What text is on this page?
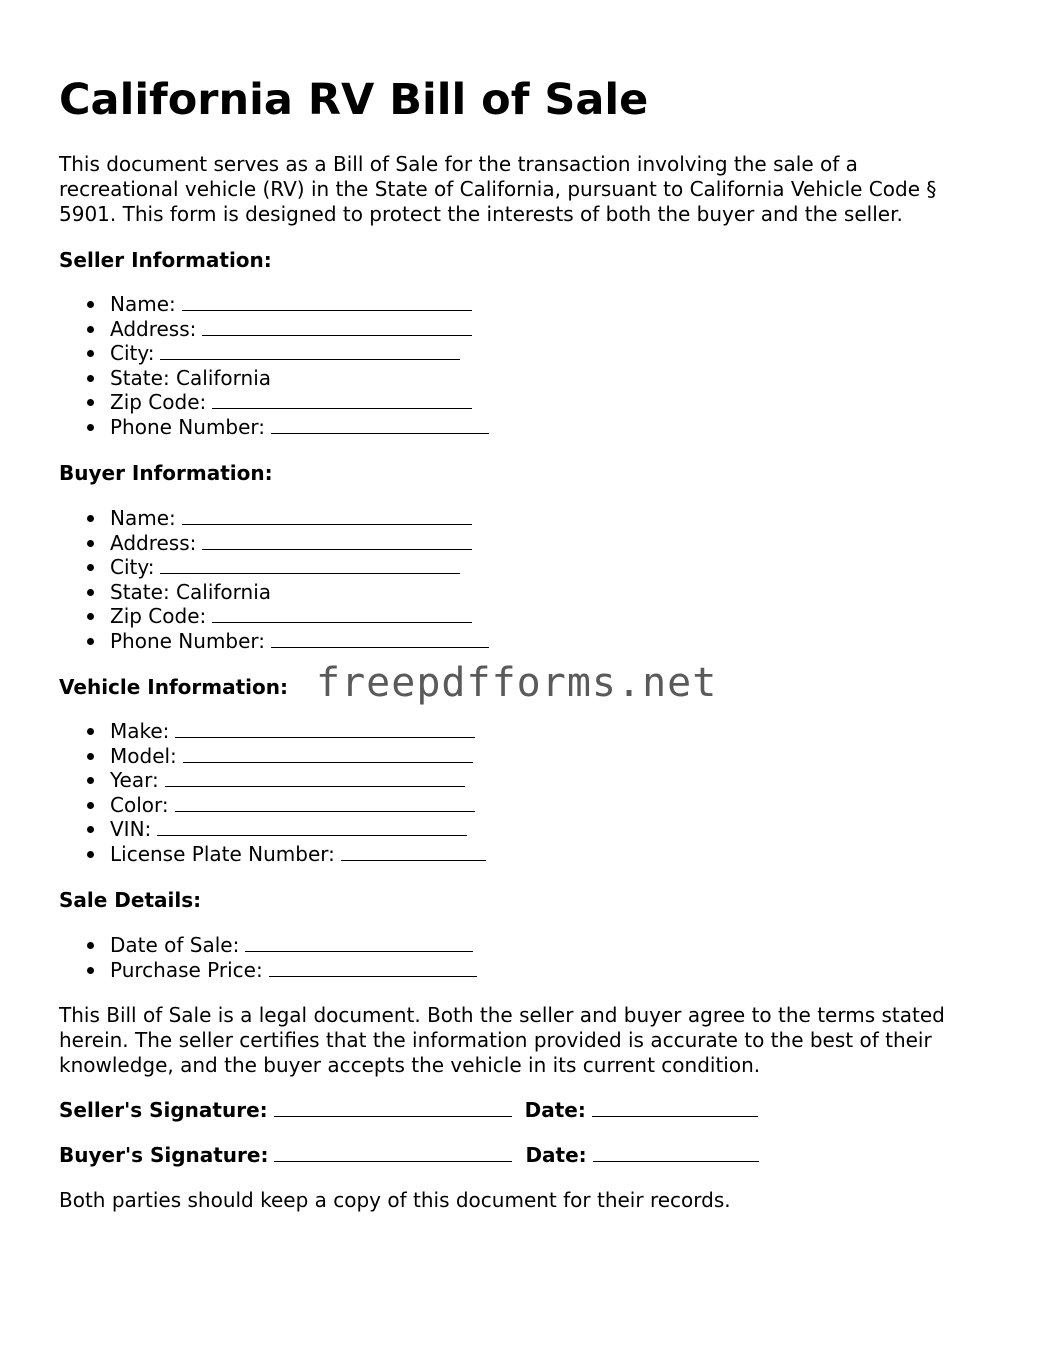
California RV Bill of Sale

This document serves as a Bill of Sale for the transaction involving the sale of a recreational vehicle (RV) in the State of California, pursuant to California Vehicle Code § 5901. This form is designed to protect the interests of both the buyer and the seller.

Seller Information:
Name:
Address:
City:
State: California
Zip Code:
Phone Number:
Buyer Information:
Name:
Address:
City:
State: California
Zip Code:
Phone Number:
Vehicle Information:
Make:
Model:
Year:
Color:
VIN:
License Plate Number:
Sale Details:
Date of Sale:
Purchase Price:

This Bill of Sale is a legal document. Both the seller and buyer agree to the terms stated herein. The seller certifies that the information provided is accurate to the best of their knowledge, and the buyer accepts the vehicle in its current condition.

Seller's Signature:	Date:
Buyer's Signature:	Date:

Both parties should keep a copy of this document for their records.

freepdfforms.net
